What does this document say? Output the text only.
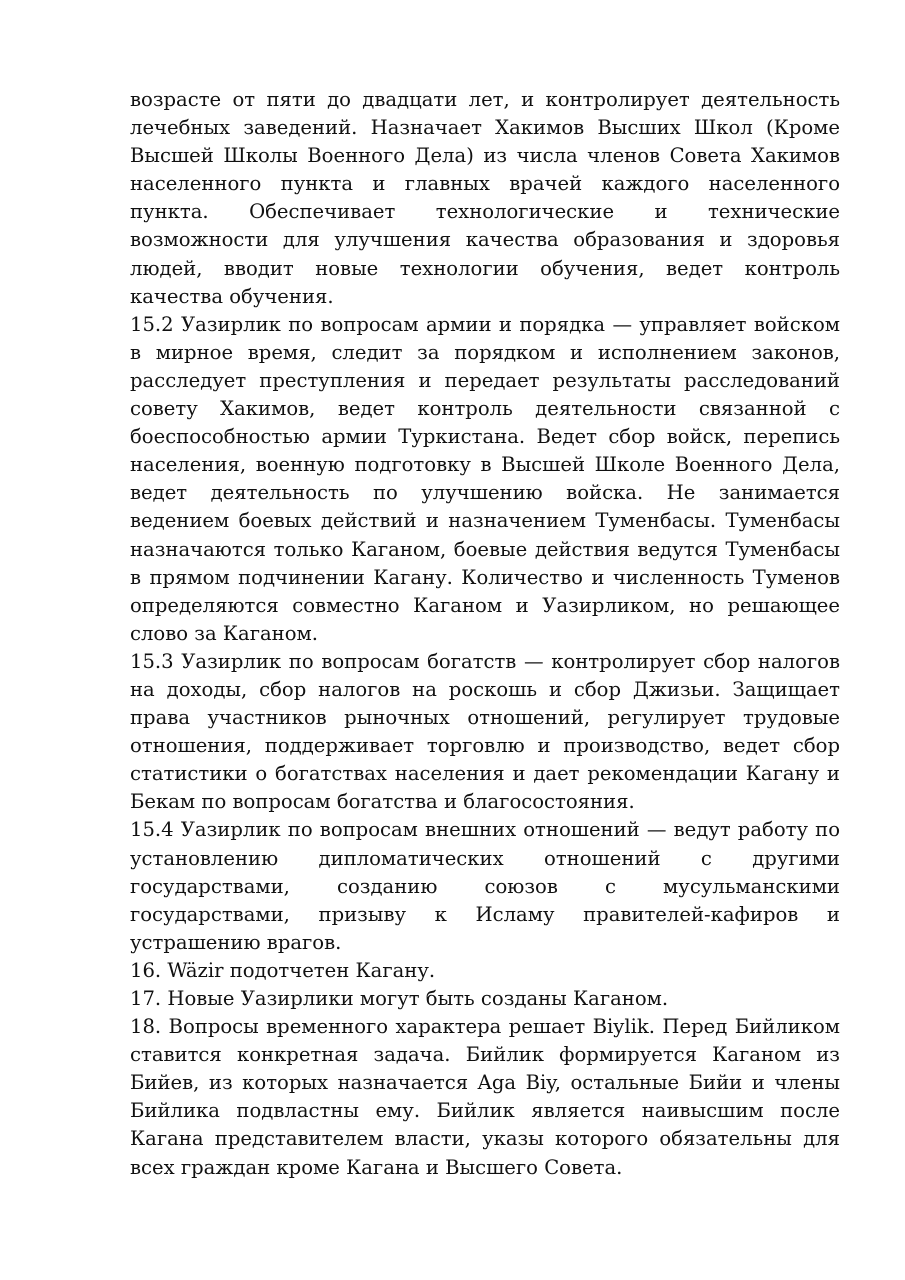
возрасте от пяти до двадцати лет, и контролирует деятельность лечебных заведений. Назначает Хакимов Высших Школ (Кроме Высшей Школы Военного Дела) из числа членов Совета Хакимов населенного пункта и главных врачей каждого населенного пункта. Обеспечивает технологические и технические возможности для улучшения качества образования и здоровья людей, вводит новые технологии обучения, ведет контроль качества обучения.

15.2 Уазирлик по вопросам армии и порядка — управляет войском в мирное время, следит за порядком и исполнением законов, расследует преступления и передает результаты расследований совету Хакимов, ведет контроль деятельности связанной с боеспособностью армии Туркистана. Ведет сбор войск, перепись населения, военную подготовку в Высшей Школе Военного Дела, ведет деятельность по улучшению войска. Не занимается ведением боевых действий и назначением Туменбасы. Туменбасы назначаются только Каганом, боевые действия ведутся Туменбасы в прямом подчинении Кагану. Количество и численность Туменов определяются совместно Каганом и Уазирликом, но решающее слово за Каганом.

15.3 Уазирлик по вопросам богатств — контролирует сбор налогов на доходы, сбор налогов на роскошь и сбор Джизьи. Защищает права участников рыночных отношений, регулирует трудовые отношения, поддерживает торговлю и производство, ведет сбор статистики о богатствах населения и дает рекомендации Кагану и Бекам по вопросам богатства и благосостояния.

15.4 Уазирлик по вопросам внешних отношений — ведут работу по установлению дипломатических отношений с другими государствами, созданию союзов с мусульманскими государствами, призыву к Исламу правителей-кафиров и устрашению врагов.

16. Wäzir подотчетен Кагану.

17. Новые Уазирлики могут быть созданы Каганом.

18. Вопросы временного характера решает Biylik. Перед Бийликом ставится конкретная задача. Бийлик формируется Каганом из Бийев, из которых назначается Aga Biy, остальные Бийи и члены Бийлика подвластны ему. Бийлик является наивысшим после Кагана представителем власти, указы которого обязательны для всех граждан кроме Кагана и Высшего Совета.
